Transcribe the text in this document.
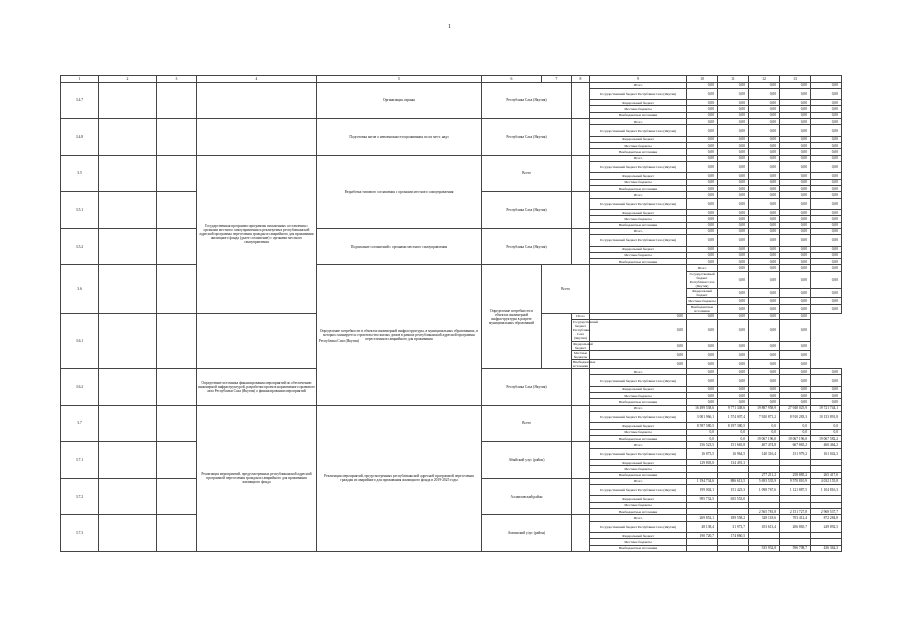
1
1	2	3	4	5	6	7	8	9	10	11	12	13		
3.4.7				Организация охраны	Республика Саха (Якутия)			Итого	0,00	0,00	0,00	0,00	0,00	
								Государственный бюджет Республики Саха (Якутия)	0,00	0,00	0,00	0,00	0,00	
								Федеральный бюджет	0,00	0,00	0,00	0,00	0,00	
								Местные бюджеты	0,00	0,00	0,00	0,00	0,00	
								Внебюджетные источники	0,00	0,00	0,00	0,00	0,00	
3.4.8				Подготовка актов о невозможности проживания по их мест. надз	Республика Саха (Якутия)			Итого	0,00	0,00	0,00	0,00	0,00	
								Государственный бюджет Республики Саха (Якутия)	0,00	0,00	0,00	0,00	0,00	
								Федеральный бюджет	0,00	0,00	0,00	0,00	0,00	
								Местные бюджеты	0,00	0,00	0,00	0,00	0,00	
								Внебюджетные источники	0,00	0,00	0,00	0,00	0,00	
3.5			Государственная программа программы письменных составления с органами местного самоуправления и реализуемых республиканской адресной программы переселения граждан из аварийного для проживания жилищного фонда (далее соглашение) с органами местного самоуправления	Разработка типового соглашения с органами местного самоуправления	Всего			Итого	0,00	0,00	0,00	0,00	0,00	
								Государственный бюджет Республики Саха (Якутия)	0,00	0,00	0,00	0,00	0,00	
								Федеральный бюджет	0,00	0,00	0,00	0,00	0,00	
								Местные бюджеты	0,00	0,00	0,00	0,00	0,00	
								Внебюджетные источники	0,00	0,00	0,00	0,00	0,00	
3.5.1					Республика Саха (Якутия)			Итого	0,00	0,00	0,00	0,00	0,00	
								Государственный бюджет Республики Саха (Якутия)	0,00	0,00	0,00	0,00	0,00	
								Федеральный бюджет	0,00	0,00	0,00	0,00	0,00	
								Местные бюджеты	0,00	0,00	0,00	0,00	0,00	
								Внебюджетные источники	0,00	0,00	0,00	0,00	0,00	
3.5.2				Подписание соглашений с органами местного самоуправления	Республика Саха (Якутия)			Итого	0,00	0,00	0,00	0,00	0,00	
								Государственный бюджет Республики Саха (Якутия)	0,00	0,00	0,00	0,00	0,00	
								Федеральный бюджет	0,00	0,00	0,00	0,00	0,00	
								Местные бюджеты	0,00	0,00	0,00	0,00	0,00	
								Внебюджетные источники	0,00	0,00	0,00	0,00	0,00	
3.6				Определение потребности в объектах инженерной инфраструктуры, в муниципальных образованиях, в которых планируется строительство жилых домов в рамках республиканской адресной программы переселения из аварийного для проживания	Определение потребности в объектах инженерной инфраструктуры в разрезе муниципальных образований	Всего			Итого	0,00	0,00	0,00	0,00	
									Государственный бюджет Республики Саха (Якутия)	0,00	0,00	0,00	0,00	
									Федеральный бюджет	0,00	0,00	0,00	0,00	
									Местные бюджеты	0,00	0,00	0,00	0,00	
									Внебюджетные источники	0,00	0,00	0,00	0,00	
3.6.1			Республика Саха (Якутия)				Итого	0,00	0,00	0,00	0,00	0,00		
							Государственный бюджет Республики Саха (Якутия)	0,00	0,00	0,00	0,00	0,00		
							Федеральный бюджет	0,00	0,00	0,00	0,00	0,00		
							Местные бюджеты	0,00	0,00	0,00	0,00	0,00		
							Внебюджетные источники	0,00	0,00	0,00	0,00	0,00		
3.6.2			Определение источника финансирования мероприятий по обеспечению инженерной инфраструктурой, разработки проекта нормативного правового акта Республики Саха (Якутия) о финансировании мероприятий		Республика Саха (Якутия)			Итого	0,00	0,00	0,00	0,00	0,00	
								Государственный бюджет Республики Саха (Якутия)	0,00	0,00	0,00	0,00	0,00	
								Федеральный бюджет	0,00	0,00	0,00	0,00	0,00	
								Местные бюджеты	0,00	0,00	0,00	0,00	0,00	
								Внебюджетные источники	0,00	0,00	0,00	0,00	0,00	
3.7			Реализация мероприятий, предусмотренных республиканской адресной программой переселения граждан из аварийного для проживания жилищного фонда	Реализация мероприятий, предусмотренных республиканской адресной программой переселения граждан из аварийного для проживания жилищного фонда в 2019-2025 годы	Всего			Итого	16 499 538,6	9 771 348,6	19 887 958,9	27 948 025,9	19 721 744,1	
								Государственный бюджет Республики Саха (Якутия)	3 001 966,1	1 574 007,4	7 920 871,2	8 910 283,3	10 153 891,8	
								Федеральный бюджет	8 597 580,5	8 197 380,5	0,0	0,0	0,0	
								Местные бюджеты	0,0	0,0	0,0	0,0	0,0	
								Внебюджетные источники	0,0	0,0	19 067 196,0	19 067 196,0	19 067 582,2	
3.7.1					Абыйский улус (район)			Итого	156 523,5	151 665,8	407 474,8	667 865,2	460 464,2	
								Государственный бюджет Республики Саха (Якутия)	16 873,5	16 964,5	140 316,4	151 979,2	161 042,3	
								Федеральный бюджет	129 803,0	134 491,3				
								Местные бюджеты						
								Внебюджетные источники			277 211,2	258 885,2	265 417,0	
3.7.2					Аллаиховский район			Итого	1 194 734,6	886 613,5	5 693 535,9	9 570 810,9	4 032 155,8	
								Государственный бюджет Республики Саха (Якутия)	199 002,1	151 423,3	1 098 767,6	1 121 887,5	1 104 816,3	
								Федеральный бюджет	995 732,5	655 553,0				
								Местные бюджеты						
								Внебюджетные источники			2 565 781,8	2 151 727,8	2 968 537,7	
3.7.3					Амгинский улус (район)			Итого	269 852,1	189 558,2	328 118,6	703 412,4	872 284,8	
								Государственный бюджет Республики Саха (Якутия)	48 138,4	31 973,7	103 613,4	206 865,7	249 892,5	
								Федеральный бюджет	190 720,7	174 860,5				
								Местные бюджеты						
								Внебюджетные источники			535 932,8	596 708,7	436 362,3	
